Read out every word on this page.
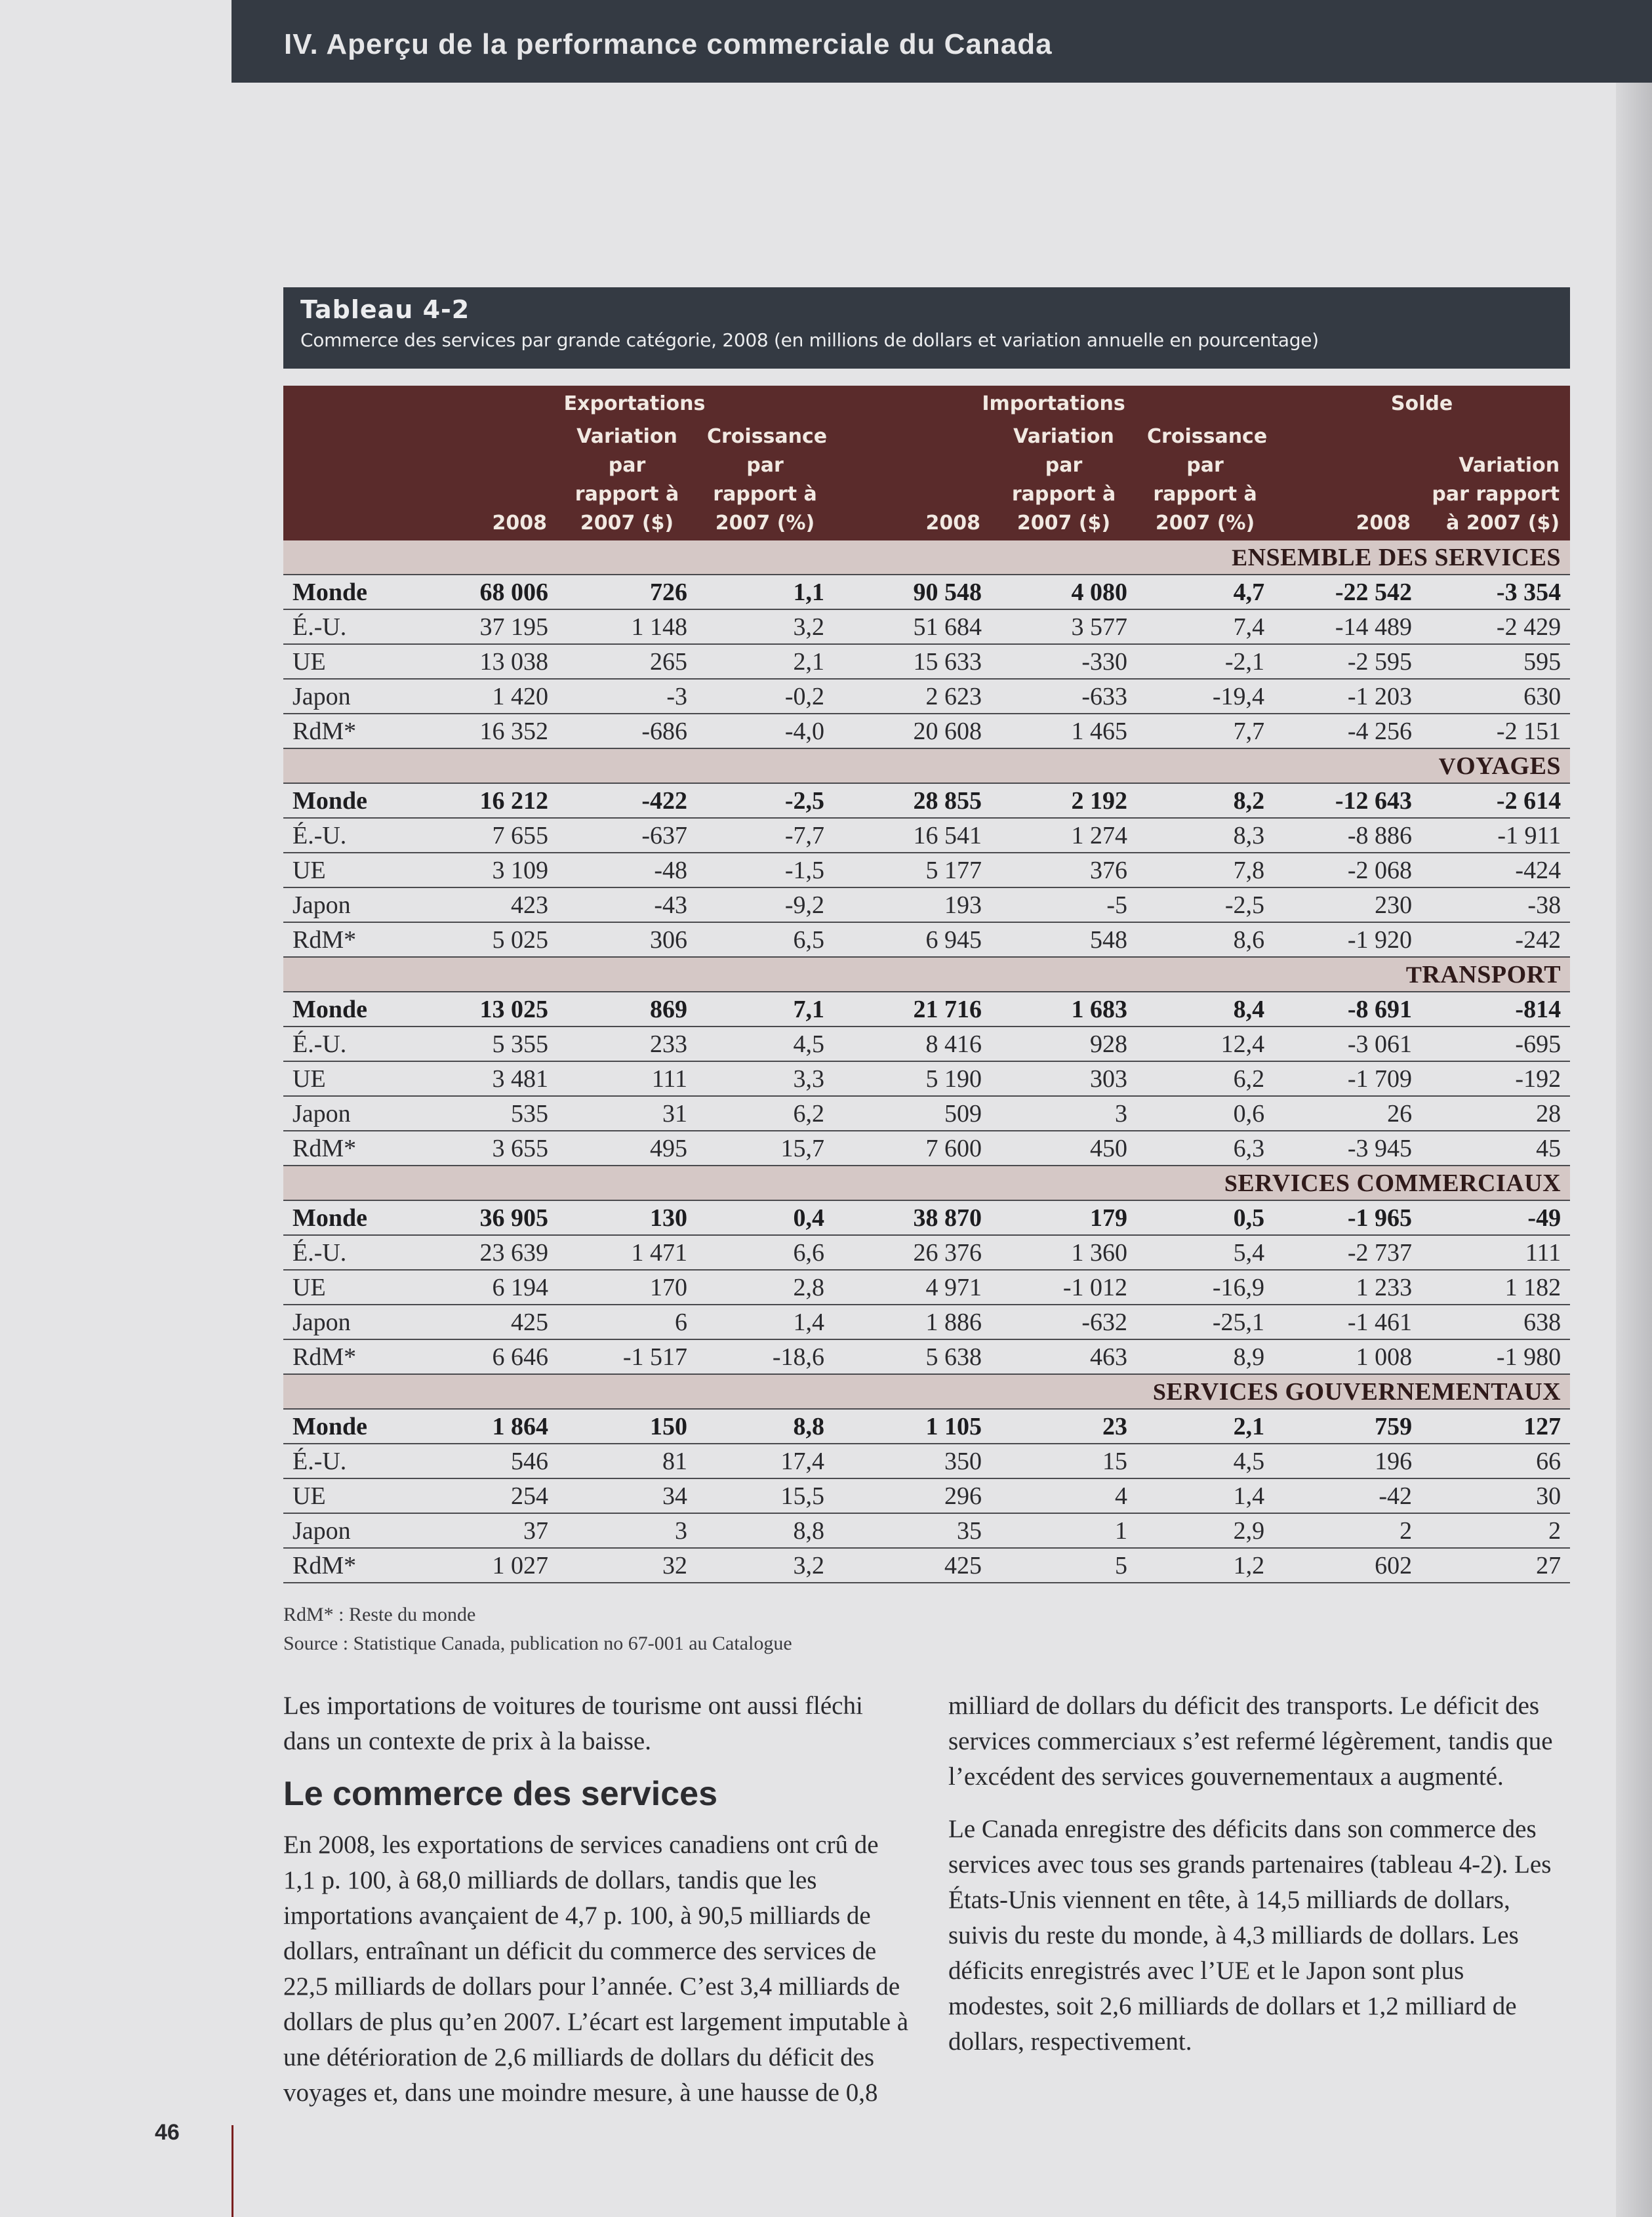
IV. Aperçu de la performance commerciale du Canada
Tableau 4-2
Commerce des services par grande catégorie, 2008 (en millions de dollars et variation annuelle en pourcentage)
	Exportations			Importations			Solde	
	2008	Variation par rapport à 2007 ($)	Croissance par rapport à 2007 (%)	2008	Variation par rapport à 2007 ($)	Croissance par rapport à 2007 (%)	2008	Variation par rapport à 2007 ($)
ENSEMBLE DES SERVICES								
Monde	68 006	726	1,1	90 548	4 080	4,7	-22 542	-3 354
É.-U.	37 195	1 148	3,2	51 684	3 577	7,4	-14 489	-2 429
UE	13 038	265	2,1	15 633	-330	-2,1	-2 595	595
Japon	1 420	-3	-0,2	2 623	-633	-19,4	-1 203	630
RdM*	16 352	-686	-4,0	20 608	1 465	7,7	-4 256	-2 151
VOYAGES								
Monde	16 212	-422	-2,5	28 855	2 192	8,2	-12 643	-2 614
É.-U.	7 655	-637	-7,7	16 541	1 274	8,3	-8 886	-1 911
UE	3 109	-48	-1,5	5 177	376	7,8	-2 068	-424
Japon	423	-43	-9,2	193	-5	-2,5	230	-38
RdM*	5 025	306	6,5	6 945	548	8,6	-1 920	-242
TRANSPORT								
Monde	13 025	869	7,1	21 716	1 683	8,4	-8 691	-814
É.-U.	5 355	233	4,5	8 416	928	12,4	-3 061	-695
UE	3 481	111	3,3	5 190	303	6,2	-1 709	-192
Japon	535	31	6,2	509	3	0,6	26	28
RdM*	3 655	495	15,7	7 600	450	6,3	-3 945	45
SERVICES COMMERCIAUX								
Monde	36 905	130	0,4	38 870	179	0,5	-1 965	-49
É.-U.	23 639	1 471	6,6	26 376	1 360	5,4	-2 737	111
UE	6 194	170	2,8	4 971	-1 012	-16,9	1 233	1 182
Japon	425	6	1,4	1 886	-632	-25,1	-1 461	638
RdM*	6 646	-1 517	-18,6	5 638	463	8,9	1 008	-1 980
SERVICES GOUVERNEMENTAUX								
Monde	1 864	150	8,8	1 105	23	2,1	759	127
É.-U.	546	81	17,4	350	15	4,5	196	66
UE	254	34	15,5	296	4	1,4	-42	30
Japon	37	3	8,8	35	1	2,9	2	2
RdM*	1 027	32	3,2	425	5	1,2	602	27
RdM* : Reste du monde
Source : Statistique Canada, publication no 67-001 au Catalogue

Les importations de voitures de tourisme ont aussi fléchi dans un contexte de prix à la baisse.

Le commerce des services

En 2008, les exportations de services canadiens ont crû de 1,1 p. 100, à 68,0 milliards de dollars, tandis que les importations avançaient de 4,7 p. 100, à 90,5 milliards de dollars, entraînant un déficit du commerce des services de 22,5 milliards de dollars pour l’année. C’est 3,4 milliards de dollars de plus qu’en 2007. L’écart est largement imputable à une détérioration de 2,6 milliards de dollars du déficit des voyages et, dans une moindre mesure, à une hausse de 0,8

milliard de dollars du déficit des transports. Le déficit des services commerciaux s’est refermé légèrement, tandis que l’excédent des services gouvernementaux a augmenté.

Le Canada enregistre des déficits dans son commerce des services avec tous ses grands partenaires (tableau 4-2). Les États-Unis viennent en tête, à 14,5 milliards de dollars, suivis du reste du monde, à 4,3 milliards de dollars. Les déficits enregistrés avec l’UE et le Japon sont plus modestes, soit 2,6 milliards de dollars et 1,2 milliard de dollars, respectivement.

46
